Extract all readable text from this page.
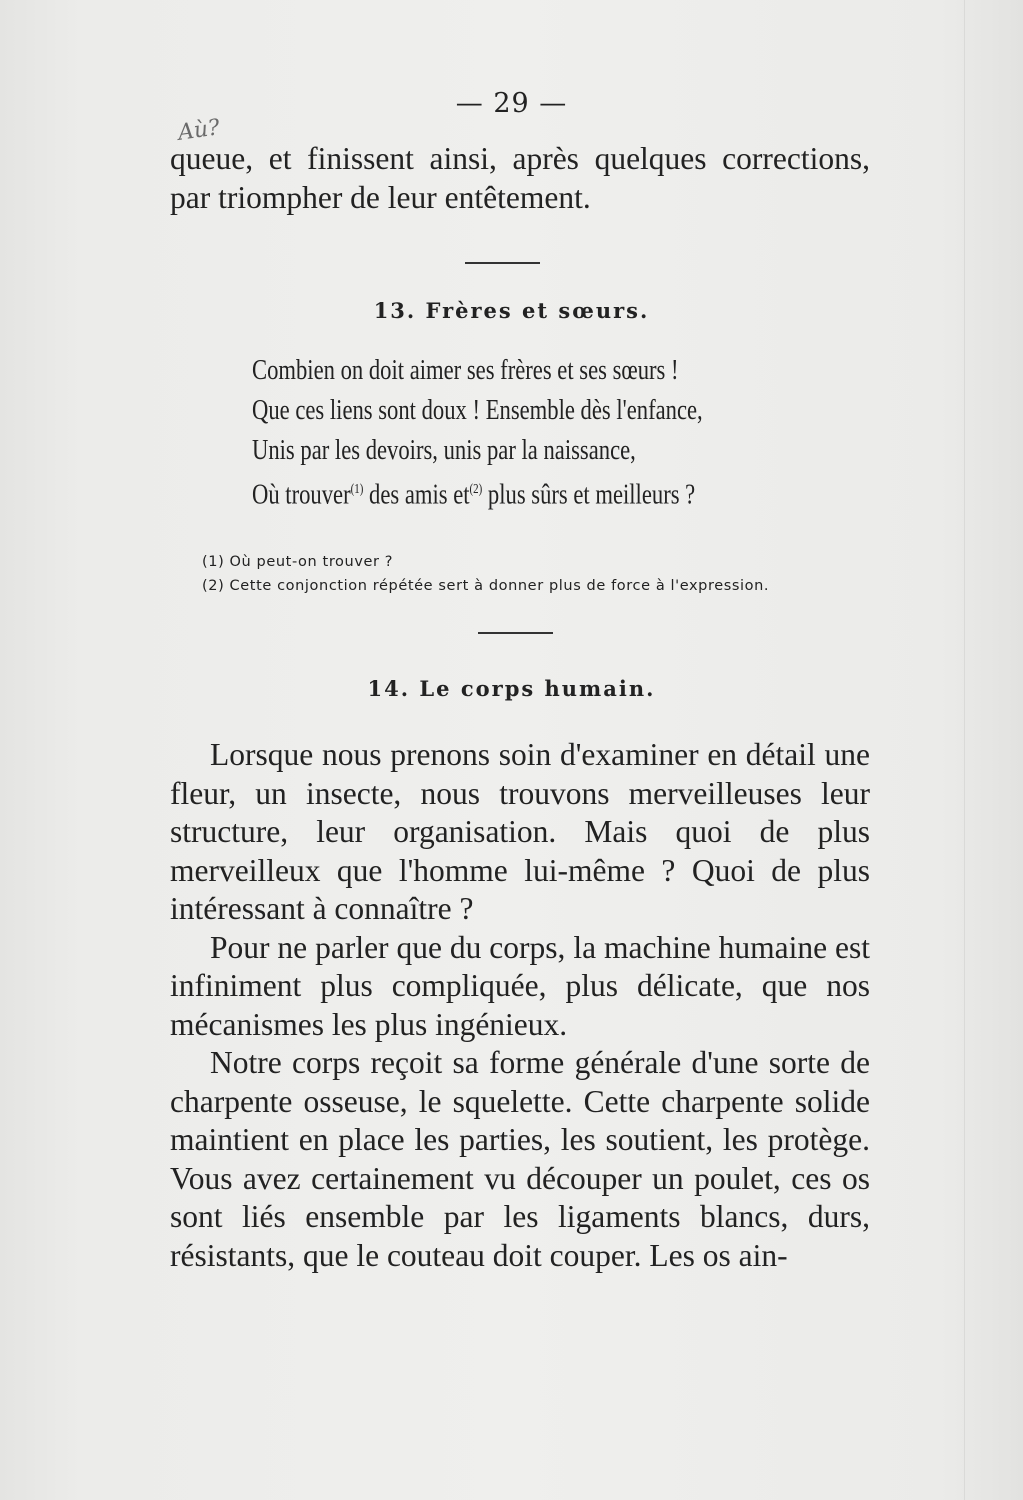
— 29 —
Aù?

queue, et finissent ainsi, après quelques corrections, par triompher de leur entêtement.

13. Frères et sœurs.
Combien on doit aimer ses frères et ses sœurs !
Que ces liens sont doux ! Ensemble dès l'enfance,
Unis par les devoirs, unis par la naissance,
Où trouver$^{(1)}$ des amis $et^{(2)}$ plus sûrs et meilleurs ?
(1) Où peut-on trouver ?
(2) Cette conjonction répétée sert à donner plus de force à l'expression.
14. Le corps humain.

Lorsque nous prenons soin d'examiner en détail une fleur, un insecte, nous trouvons merveilleuses leur structure, leur organisation. Mais quoi de plus merveilleux que l'homme lui-même ? Quoi de plus intéressant à connaître ?

Pour ne parler que du corps, la machine humaine est infiniment plus compliquée, plus délicate, que nos mécanismes les plus ingénieux.

Notre corps reçoit sa forme générale d'une sorte de charpente osseuse, le squelette. Cette charpente solide maintient en place les parties, les soutient, les protège. Vous avez certainement vu découper un poulet, ces os sont liés ensemble par les ligaments blancs, durs, résistants, que le couteau doit couper. Les os ain-
